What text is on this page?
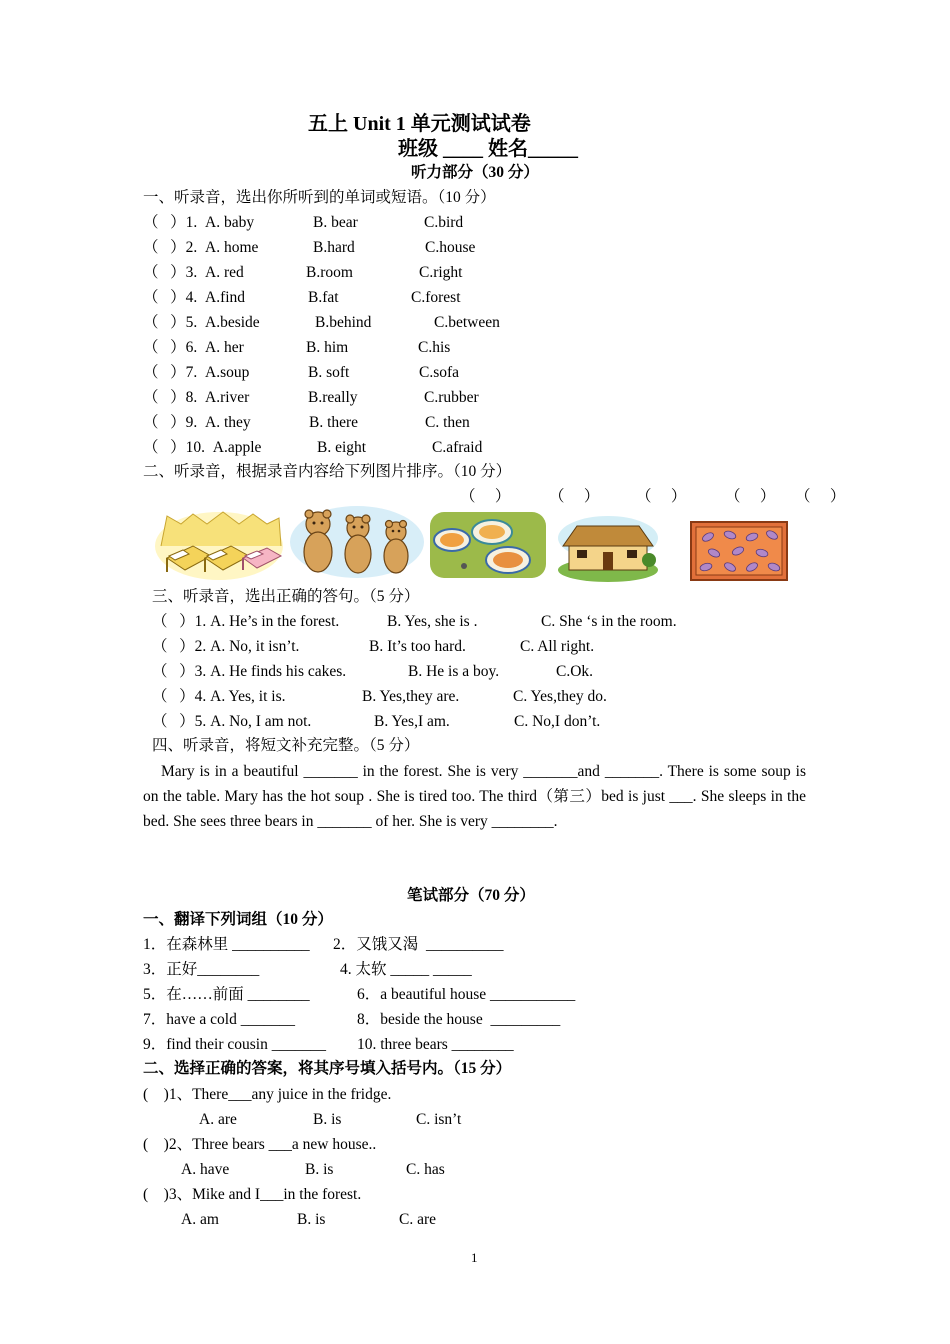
五上 Unit 1 单元测试试卷
班级 ____ 姓名_____
听力部分（30 分）
一、听录音，选出你所听到的单词或短语。（10 分）
（   ）1.  A. baby	B. bear	C.bird
（   ）2.  A. home	B.hard	C.house
（   ）3.  A. red	B.room	C.right
（   ）4.  A.find	B.fat	C.forest
（   ）5.  A.beside	B.behind	C.between
（   ）6.  A. her	B. him	C.his
（   ）7.  A.soup	B. soft	C.sofa
（   ）8.  A.river	B.really	C.rubber
（   ）9.  A. they	B. there	C. then
（   ）10.  A.apple	B. eight	C.afraid
二、听录音，根据录音内容给下列图片排序。（10 分）
（     ） （     ） （     ） （     ） （     ）
三、听录音，选出正确的答句。（5 分）
（   ）1. A. He’s in the forest.	B. Yes, she is .	C. She ‘s in the room.
（   ）2. A. No, it isn’t.	B. It’s too hard.	C. All right.
（   ）3. A. He finds his cakes.	B. He is a boy.	C.Ok.
（   ）4. A. Yes, it is.	B. Yes,they are.	C. Yes,they do.
（   ）5. A. No, I am not.	B. Yes,I am.	C. No,I don’t.
四、听录音，将短文补充完整。（5 分）
Mary is in a beautiful _______ in the forest. She is very _______and _______. There is some soup is on the table. Mary has the hot soup . She is tired too. The third（第三）bed is just ___. She sleeps in the bed. She sees three bears in _______ of her. She is very ________.
笔试部分（70 分）
一、翻译下列词组（10 分）
1．在森林里 __________ 2．又饿又渴  __________
3．正好________	4. 太软 _____ _____
5．在……前面 ________	6．a beautiful house ___________
7．have a cold _______	8．beside the house  _________
9．find their cousin _______ 10. three bears ________
二、选择正确的答案，将其序号填入括号内。（15 分）
(    )1、There___any juice in the fridge.
A. are	B. is	C. isn’t
(    )2、Three bears ___a new house..
A. have	B. is	C. has
(    )3、Mike and I___in the forest.
A. am	B. is	C. are
1
